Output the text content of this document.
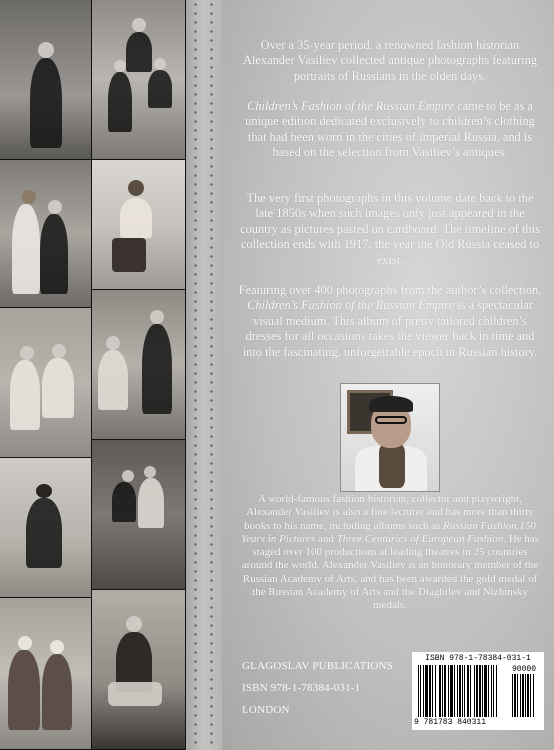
Over a 35-year period, a renowned fashion historian Alexander Vasiliev collected antique photographs featuring portraits of Russians in the olden days.
Children’s Fashion of the Russian Empire came to be as a unique edition dedicated exclusively to children’s clothing that had been worn in the cities of imperial Russia, and is based on the selection from Vasiliev’s antiques.
The very first photographs in this volume date back to the late 1850s when such images only just appeared in the country as pictures pasted on cardboard. The timeline of this collection ends with 1917, the year the Old Russia ceased to exist.
Featuring over 400 photographs from the author’s collection, Children’s Fashion of the Russian Empire is a spectacular visual medium. This album of pretty tailored children’s dresses for all occasions takes the viewer back in time and into the fascinating, unforgettable epoch in Russian history.
A world-famous fashion historian, collector and playwright, Alexander Vasiliev is also a fine lecturer and has more than thirty books to his name, including albums such as Russian Fashion.150 Years in Pictures and Three Centuries of European Fashion. He has staged over 100 productions at leading theatres in 25 countries around the world. Alexander Vasiliev is an honorary member of the Russian Academy of Arts, and has been awarded the gold medal of the Russian Academy of Arts and the Diaghilev and Nizhinsky medals.
GLAGOSLAV PUBLICATIONS
ISBN 978-1-78384-031-1
LONDON
ISBN 978-1-78384-031-1
90000
9 781783 840311
